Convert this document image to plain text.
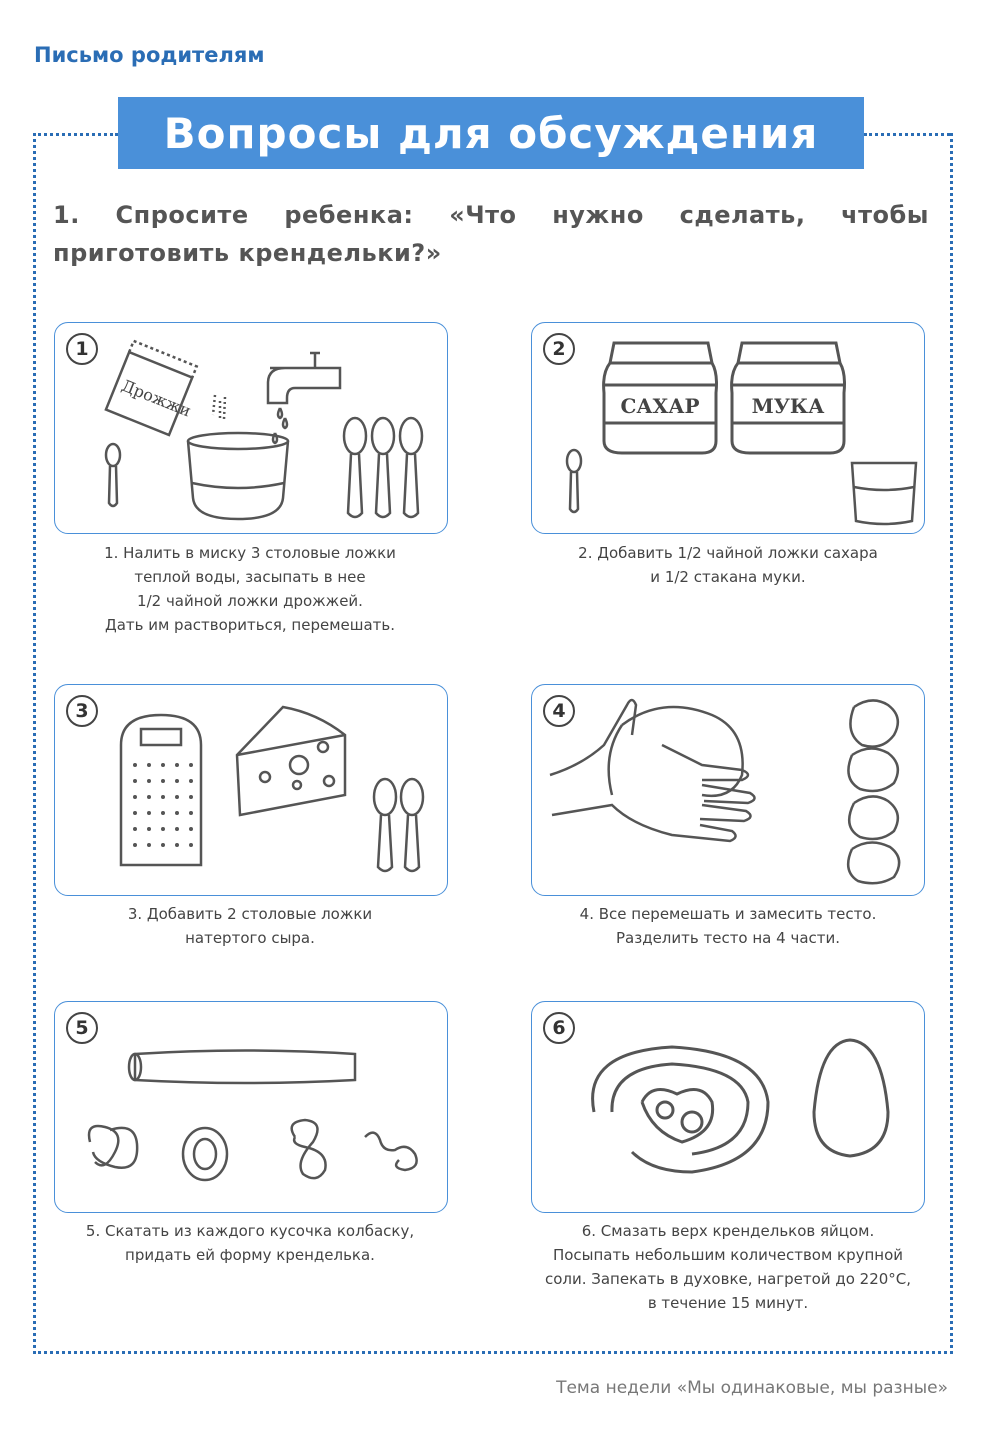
Письмо родителям
Вопросы для обсуждения
1. Спросите ребенка: «Что нужно сделать, чтобы приготовить крендельки?»
Дрожжи
1
1. Налить в миску 3 столовые ложки
теплой воды, засыпать в нее
1/2 чайной ложки дрожжей.
Дать им раствориться, перемешать.
САХАР	МУКА
2
2. Добавить 1/2 чайной ложки сахара
и 1/2 стакана муки.
3
3. Добавить 2 столовые ложки
натертого сыра.
4
4. Все перемешать и замесить тесто.
Разделить тесто на 4 части.
5
5. Скатать из каждого кусочка колбаску,
придать ей форму кренделька.
6
6. Смазать верх крендельков яйцом.
Посыпать небольшим количеством крупной
соли. Запекать в духовке, нагретой до 220°С,
в течение 15 минут.
Тема недели «Мы одинаковые, мы разные»
